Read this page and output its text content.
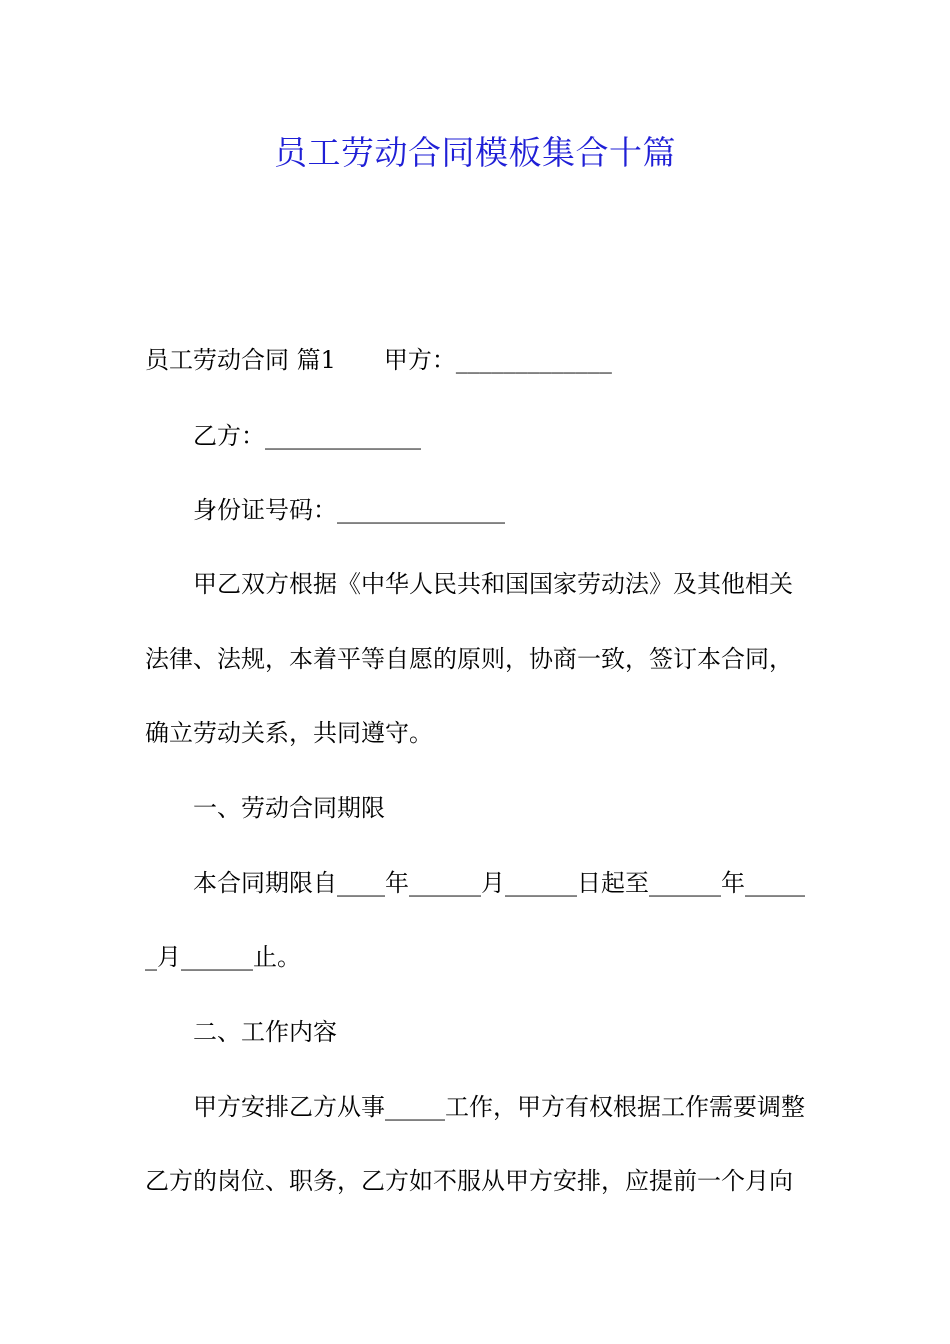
员工劳动合同模板集合十篇
员工劳动合同 篇1 甲方：_____________
乙方：_____________
身份证号码：______________
甲乙双方根据《中华人民共和国国家劳动法》及其他相关
法律、法规，本着平等自愿的原则，协商一致，签订本合同，
确立劳动关系，共同遵守。
一、劳动合同期限
本合同期限自____年______月______日起至______年_____
_月______止。
二、工作内容
甲方安排乙方从事_____工作，甲方有权根据工作需要调整
乙方的岗位、职务，乙方如不服从甲方安排，应提前一个月向
